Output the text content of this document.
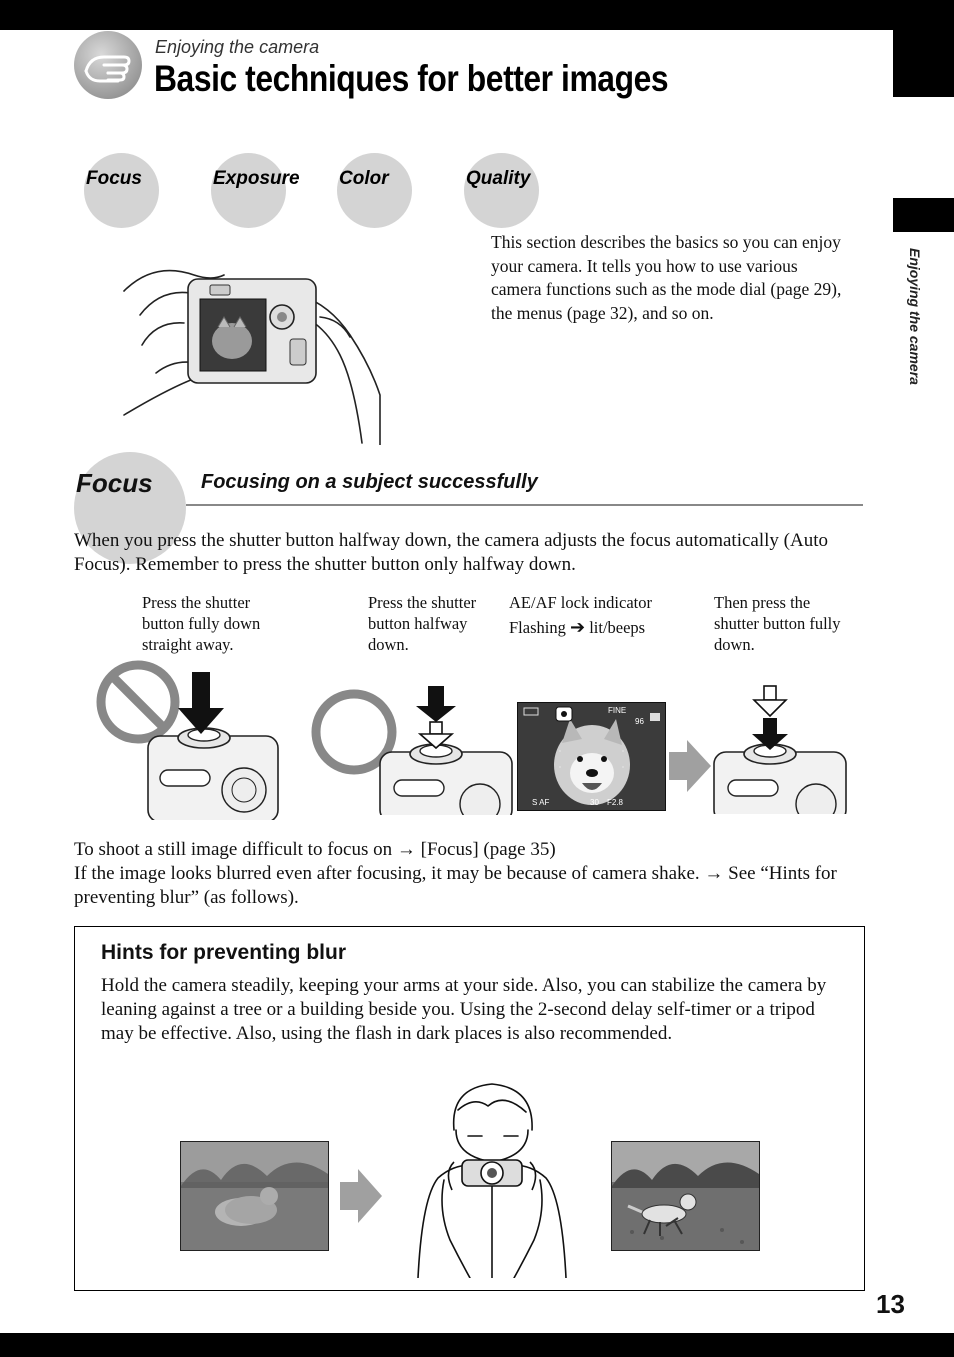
Enjoying the camera
Basic techniques for better images
Focus	Exposure Color	Quality
This section describes the basics so you can enjoy your camera. It tells you how to use various camera functions such as the mode dial (page 29), the menus (page 32), and so on.
Focus Focusing on a subject successfully
When you press the shutter button halfway down, the camera adjusts the focus automatically (Auto Focus). Remember to press the shutter button only halfway down.
Press the shutter button fully down straight away.
Press the shutter button halfway down.
AE/AF lock indicator
Flashing ➔ lit/beeps
Then press the shutter button fully down.
FINE
96
S AF	30 F2.8
To shoot a still image difficult to focus on → [Focus] (page 35)
If the image looks blurred even after focusing, it may be because of camera shake. → See “Hints for preventing blur” (as follows).
Hints for preventing blur
Hold the camera steadily, keeping your arms at your side. Also, you can stabilize the camera by leaning against a tree or a building beside you. Using the 2-second delay self-timer or a tripod may be effective. Also, using the flash in dark places is also recommended.
Enjoying the camera
13
